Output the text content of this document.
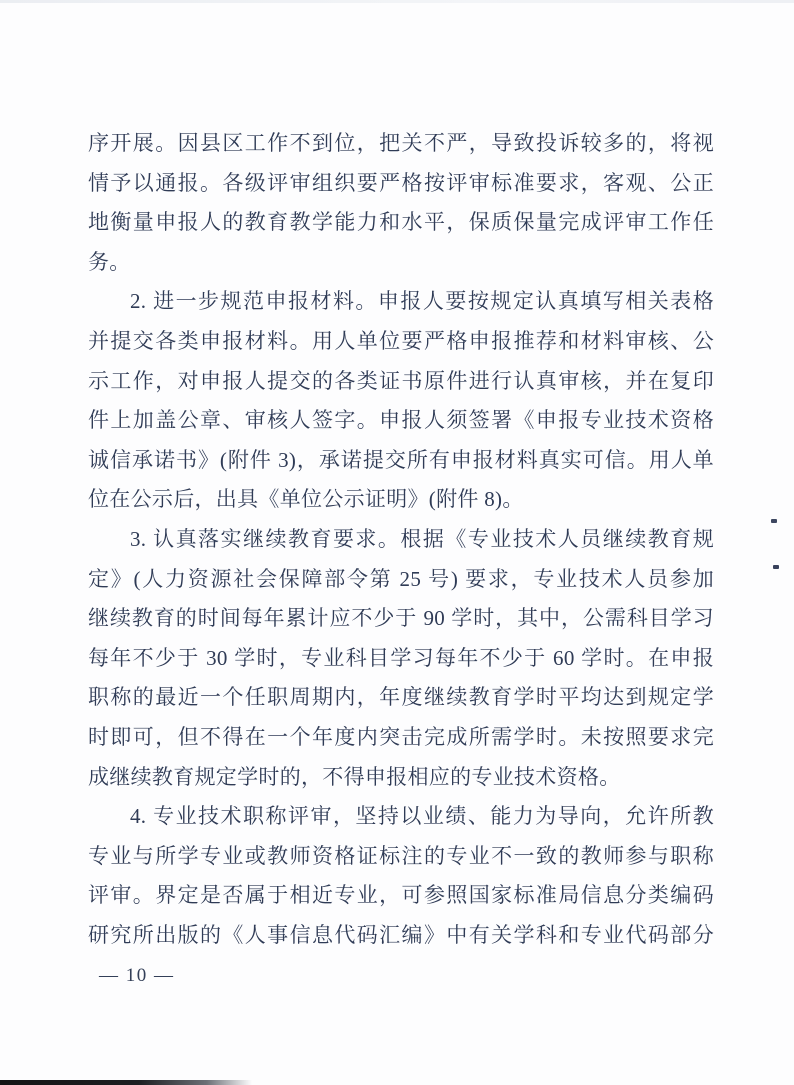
序开展。因县区工作不到位，把关不严，导致投诉较多的，将视
情予以通报。各级评审组织要严格按评审标准要求，客观、公正
地衡量申报人的教育教学能力和水平，保质保量完成评审工作任
务。
2. 进一步规范申报材料。申报人要按规定认真填写相关表格
并提交各类申报材料。用人单位要严格申报推荐和材料审核、公
示工作，对申报人提交的各类证书原件进行认真审核，并在复印
件上加盖公章、审核人签字。申报人须签署《申报专业技术资格
诚信承诺书》(附件 3)，承诺提交所有申报材料真实可信。用人单
位在公示后，出具《单位公示证明》(附件 8)。
3. 认真落实继续教育要求。根据《专业技术人员继续教育规
定》(人力资源社会保障部令第 25 号) 要求，专业技术人员参加
继续教育的时间每年累计应不少于 90 学时，其中，公需科目学习
每年不少于 30 学时，专业科目学习每年不少于 60 学时。在申报
职称的最近一个任职周期内，年度继续教育学时平均达到规定学
时即可，但不得在一个年度内突击完成所需学时。未按照要求完
成继续教育规定学时的，不得申报相应的专业技术资格。
4. 专业技术职称评审，坚持以业绩、能力为导向，允许所教
专业与所学专业或教师资格证标注的专业不一致的教师参与职称
评审。界定是否属于相近专业，可参照国家标准局信息分类编码
研究所出版的《人事信息代码汇编》中有关学科和专业代码部分
— 10 —
